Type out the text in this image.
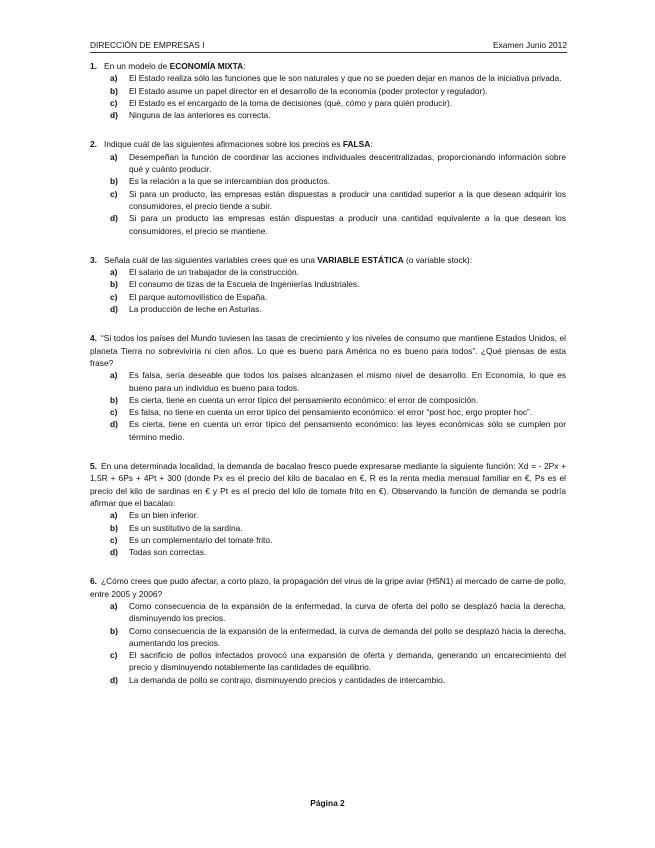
DIRECCIÓN DE EMPRESAS I	Examen Junio 2012
1. En un modelo de ECONOMÍA MIXTA:
a)	El Estado realiza sólo las funciones que le son naturales y que no se pueden dejar en manos de la iniciativa privada.
b)	El Estado asume un papel director en el desarrollo de la economía (poder protector y regulador).
c)	El Estado es el encargado de la toma de decisiones (qué, cómo y para quién producir).
d)	Ninguna de las anteriores es correcta.
2. Indique cuál de las siguientes afirmaciones sobre los precios es FALSA:
a)	Desempeñan la función de coordinar las acciones individuales descentralizadas, proporcionando información sobre qué y cuánto producir.
b)	Es la relación a la que se intercambian dos productos.
c)	Si para un producto, las empresas están dispuestas a producir una cantidad superior a la que desean adquirir los consumidores, el precio tiende a subir.
d)	Si para un producto las empresas están dispuestas a producir una cantidad equivalente a la que desean los consumidores, el precio se mantiene.
3. Señala cuál de las siguientes variables crees que es una VARIABLE ESTÁTICA (o variable stock):
a)	El salario de un trabajador de la construcción.
b)	El consumo de tizas de la Escuela de Ingenierías Industriales.
c)	El parque automovilístico de España.
d)	La producción de leche en Asturias.
4. “Si todos los países del Mundo tuviesen las tasas de crecimiento y los niveles de consumo que mantiene Estados Unidos, el planeta Tierra no sobreviviría ni cien años. Lo que es bueno para América no es bueno para todos”. ¿Qué piensas de esta frase?
a)	Es falsa, sería deseable que todos los países alcanzasen el mismo nivel de desarrollo. En Economía, lo que es bueno para un individuo es bueno para todos.
b)	Es cierta, tiene en cuenta un error típico del pensamiento económico: el error de composición.
c)	Es falsa, no tiene en cuenta un error típico del pensamiento económico: el error “post hoc, ergo propter hoc”.
d)	Es cierta, tiene en cuenta un error típico del pensamiento económico: las leyes económicas sólo se cumplen por término medio.
5. En una determinada localidad, la demanda de bacalao fresco puede expresarse mediante la siguiente función: Xd = - 2Px + 1,5R + 6Ps + 4Pt + 300 (donde Px es el precio del kilo de bacalao en €, R es la renta media mensual familiar en €, Ps es el precio del kilo de sardinas en € y Pt es el precio del kilo de tomate frito en €). Observando la función de demanda se podría afirmar que el bacalao:
a)	Es un bien inferior.
b)	Es un sustitutivo de la sardina.
c)	Es un complementario del tomate frito.
d)	Todas son correctas.
6. ¿Cómo crees que pudo afectar, a corto plazo, la propagación del virus de la gripe aviar (H5N1) al mercado de carne de pollo, entre 2005 y 2006?
a)	Como consecuencia de la expansión de la enfermedad, la curva de oferta del pollo se desplazó hacia la derecha, disminuyendo los precios.
b)	Como consecuencia de la expansión de la enfermedad, la curva de demanda del pollo se desplazó hacia la derecha, aumentando los precios.
c)	El sacrificio de pollos infectados provocó una expansión de oferta y demanda, generando un encarecimiento del precio y disminuyendo notablemente las cantidades de equilibrio.
d)	La demanda de pollo se contrajo, disminuyendo precios y cantidades de intercambio.
Página 2
